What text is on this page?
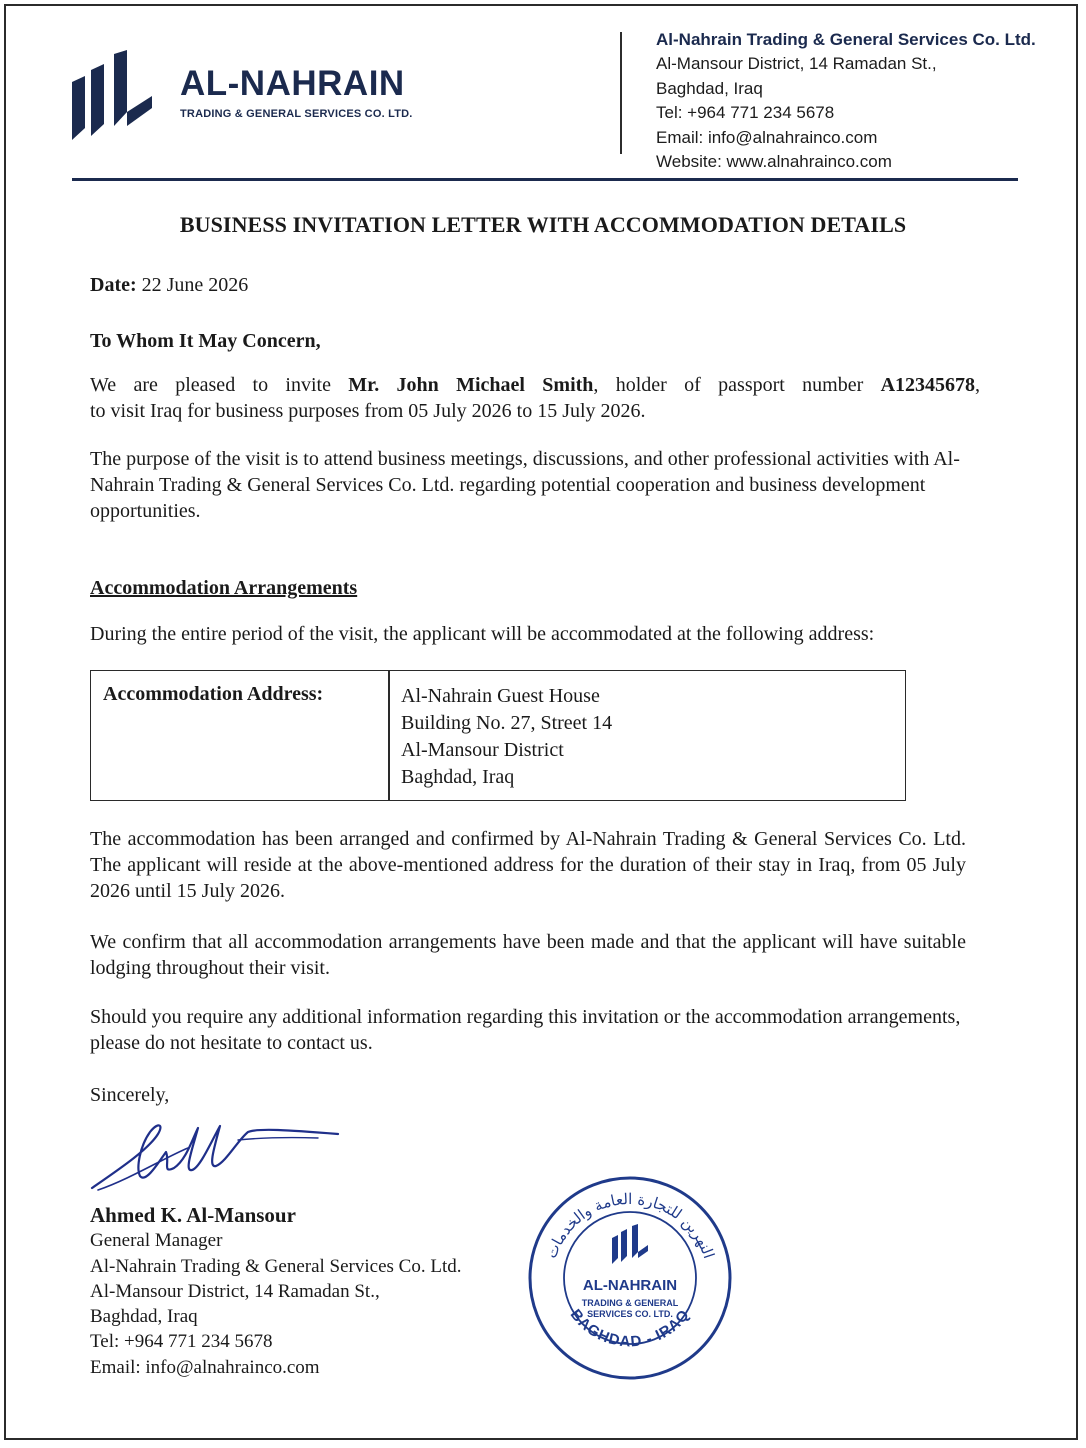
AL-NAHRAIN
TRADING & GENERAL SERVICES CO. LTD.
Al-Nahrain Trading & General Services Co. Ltd.
Al-Mansour District, 14 Ramadan St.,
Baghdad, Iraq
Tel: +964 771 234 5678
Email: info@alnahrainco.com
Website: www.alnahrainco.com
BUSINESS INVITATION LETTER WITH ACCOMMODATION DETAILS
Date: 22 June 2026
To Whom It May Concern,
We are pleased to invite Mr. John Michael Smith, holder of passport number A12345678,
to visit Iraq for business purposes from 05 July 2026 to 15 July 2026.
The purpose of the visit is to attend business meetings, discussions, and other professional activities with Al-Nahrain Trading & General Services Co. Ltd. regarding potential cooperation and business development opportunities.
Accommodation Arrangements
During the entire period of the visit, the applicant will be accommodated at the following address:
Accommodation Address:	Al-Nahrain Guest House
Building No. 27, Street 14
Al-Mansour District
Baghdad, Iraq
The accommodation has been arranged and confirmed by Al-Nahrain Trading & General Services Co. Ltd. The applicant will reside at the above-mentioned address for the duration of their stay in Iraq, from 05 July 2026 until 15 July 2026.
We confirm that all accommodation arrangements have been made and that the applicant will have suitable lodging throughout their visit.
Should you require any additional information regarding this invitation or the accommodation arrangements, please do not hesitate to contact us.
Sincerely,
Ahmed K. Al-Mansour
General Manager
Al-Nahrain Trading & General Services Co. Ltd.
Al-Mansour District, 14 Ramadan St.,
Baghdad, Iraq
Tel: +964 771 234 5678
Email: info@alnahrainco.com
النهرين للتجارة العامة والخدمات
BAGHDAD - IRAQ
AL-NAHRAIN
TRADING & GENERAL
SERVICES CO. LTD.
